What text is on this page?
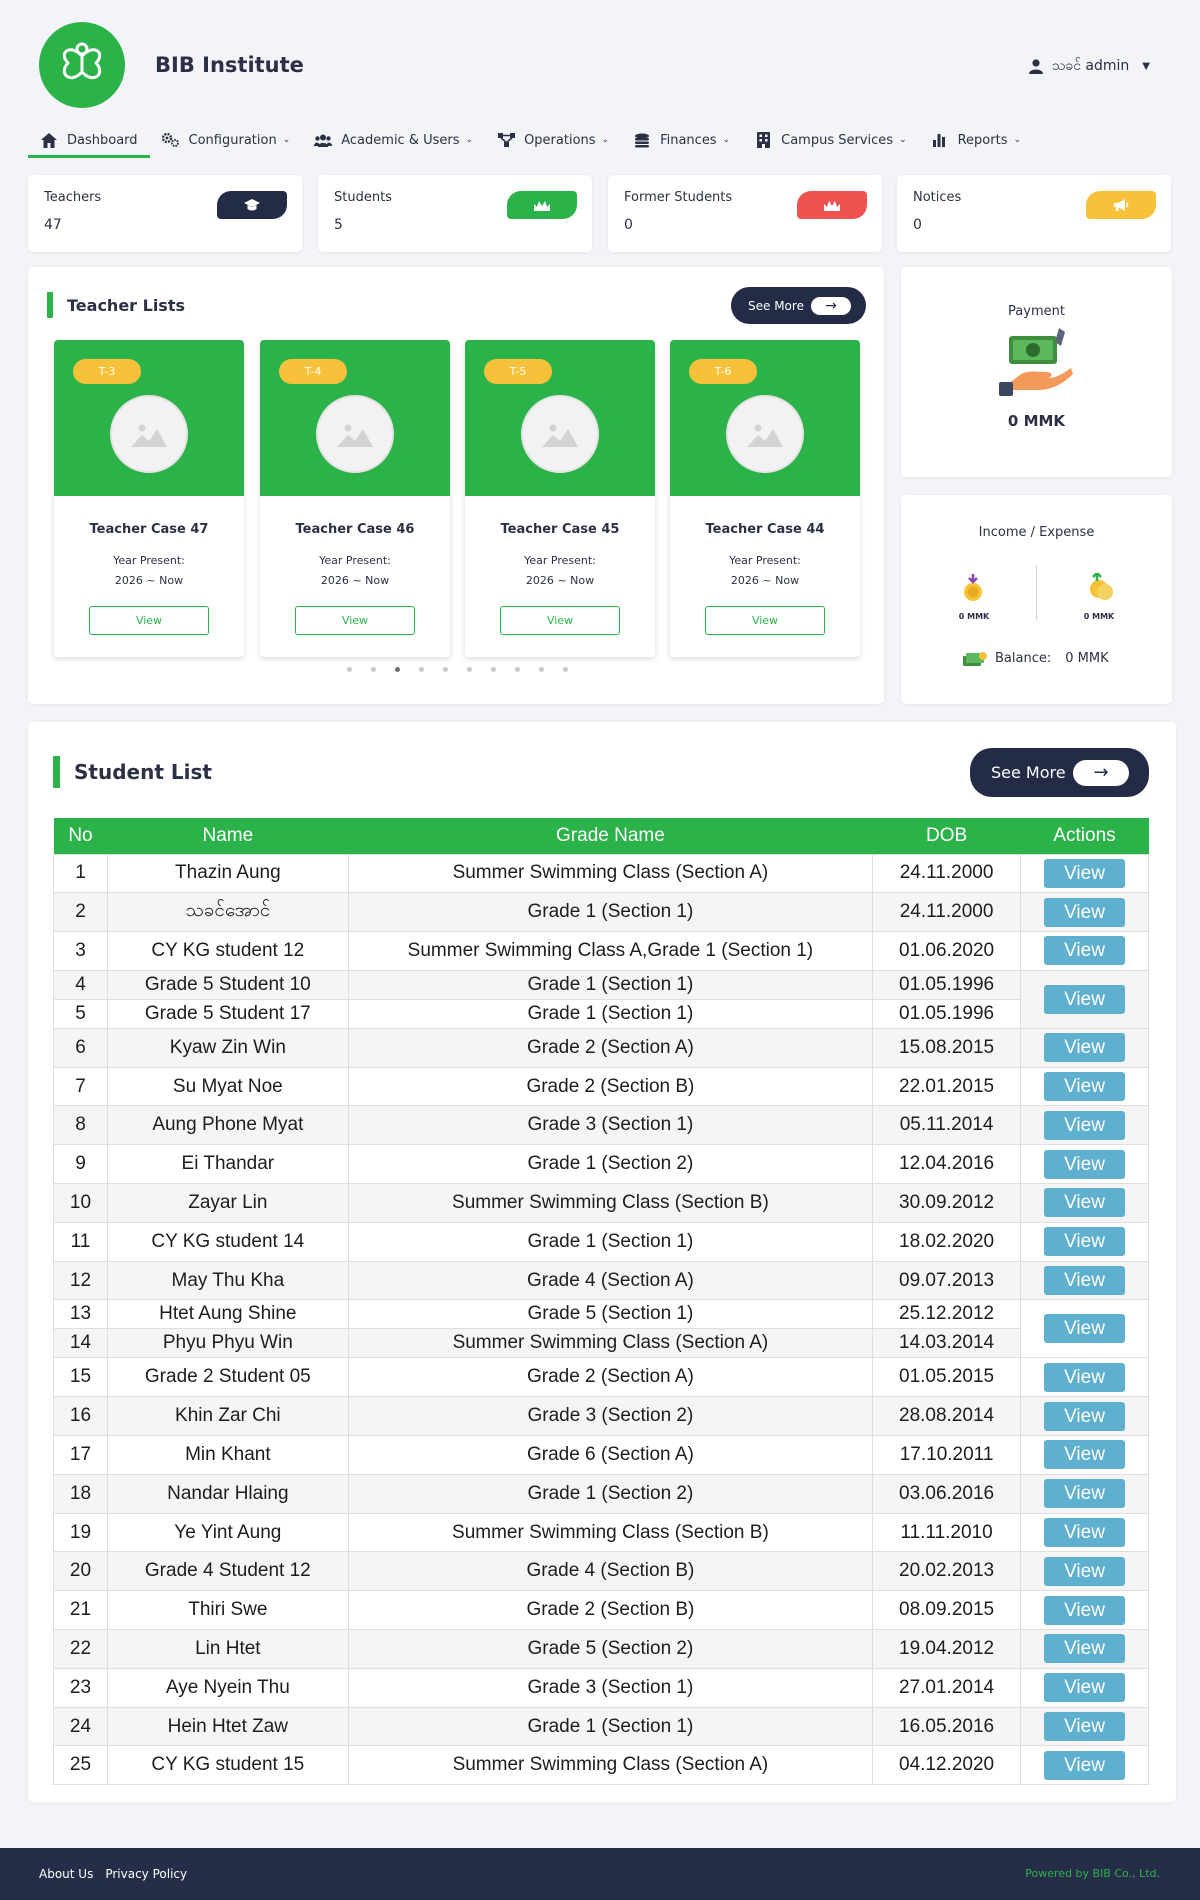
BIB Institute	သခင် admin ▼
Dashboard	Configuration ⌄	Academic & Users ⌄	Operations ⌄	Finances ⌄	Campus Services ⌄	Reports ⌄
Teachers
47
Students
5
Former Students
0
Notices
0
Teacher Lists	See More	→
T-3
Teacher Case 47
Year Present:
2026 ~ Now
View
T-4
Teacher Case 46
Year Present:
2026 ~ Now
View
T-5
Teacher Case 45
Year Present:
2026 ~ Now
View
T-6
Teacher Case 44
Year Present:
2026 ~ Now
View
Payment
0 MMK
Income / Expense
0 MMK	0 MMK
Balance: 0 MMK
Student List	See More	→
No	Name	Grade Name	DOB	Actions
1	Thazin Aung	Summer Swimming Class (Section A)	24.11.2000	View
2	သခင်အောင်	Grade 1 (Section 1)	24.11.2000	View
3	CY KG student 12	Summer Swimming Class A,Grade 1 (Section 1)	01.06.2020	View
4	Grade 5 Student 10	Grade 1 (Section 1)	01.05.1996	View
5	Grade 5 Student 17	Grade 1 (Section 1)	01.05.1996	
6	Kyaw Zin Win	Grade 2 (Section A)	15.08.2015	View
7	Su Myat Noe	Grade 2 (Section B)	22.01.2015	View
8	Aung Phone Myat	Grade 3 (Section 1)	05.11.2014	View
9	Ei Thandar	Grade 1 (Section 2)	12.04.2016	View
10	Zayar Lin	Summer Swimming Class (Section B)	30.09.2012	View
11	CY KG student 14	Grade 1 (Section 1)	18.02.2020	View
12	May Thu Kha	Grade 4 (Section A)	09.07.2013	View
13	Htet Aung Shine	Grade 5 (Section 1)	25.12.2012	View
14	Phyu Phyu Win	Summer Swimming Class (Section A)	14.03.2014	
15	Grade 2 Student 05	Grade 2 (Section A)	01.05.2015	View
16	Khin Zar Chi	Grade 3 (Section 2)	28.08.2014	View
17	Min Khant	Grade 6 (Section A)	17.10.2011	View
18	Nandar Hlaing	Grade 1 (Section 2)	03.06.2016	View
19	Ye Yint Aung	Summer Swimming Class (Section B)	11.11.2010	View
20	Grade 4 Student 12	Grade 4 (Section B)	20.02.2013	View
21	Thiri Swe	Grade 2 (Section B)	08.09.2015	View
22	Lin Htet	Grade 5 (Section 2)	19.04.2012	View
23	Aye Nyein Thu	Grade 3 (Section 1)	27.01.2014	View
24	Hein Htet Zaw	Grade 1 (Section 1)	16.05.2016	View
25	CY KG student 15	Summer Swimming Class (Section A)	04.12.2020	View
About Us Privacy Policy	Powered by BIB Co., Ltd.
